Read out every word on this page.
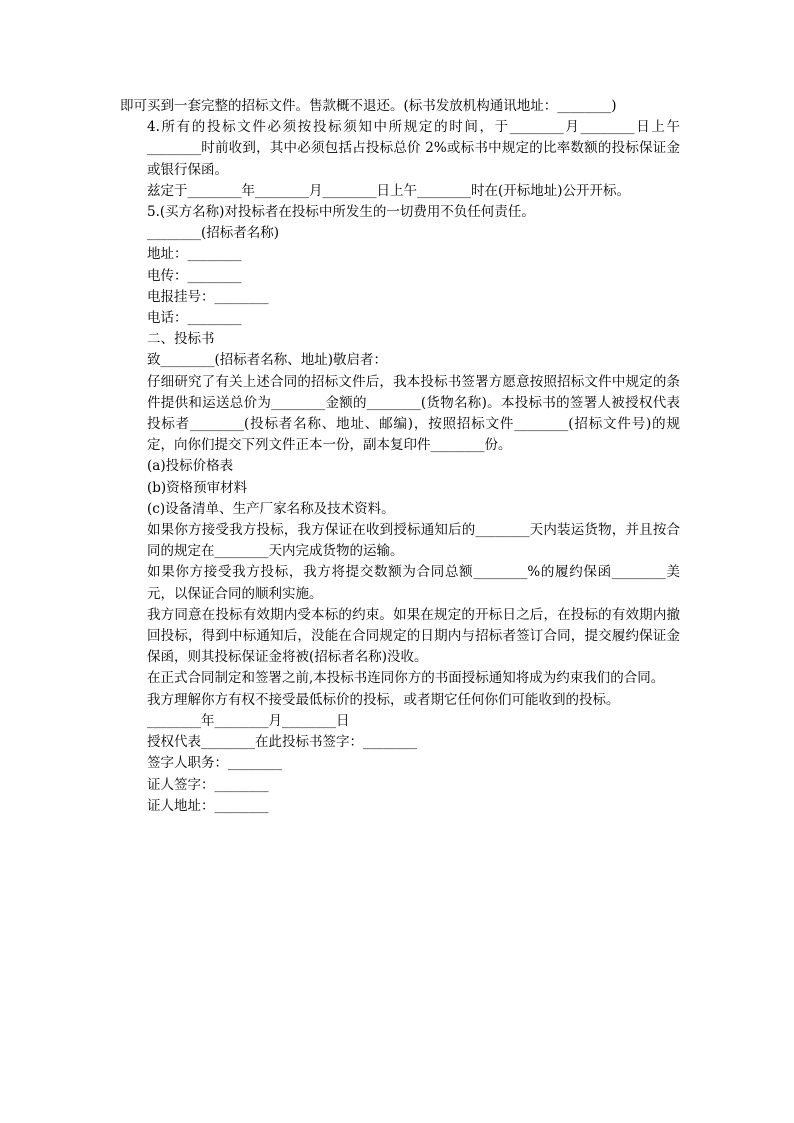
即可买到一套完整的招标文件。售款概不退还。(标书发放机构通讯地址：________)

4.所有的投标文件必须按投标须知中所规定的时间，于________月________日上午________时前收到，其中必须包括占投标总价 2%或标书中规定的比率数额的投标保证金或银行保函。

兹定于________年________月________日上午________时在(开标地址)公开开标。

5.(买方名称)对投标者在投标中所发生的一切费用不负任何责任。

________(招标者名称)

地址：________

电传：________

电报挂号：________

电话：________

二、投标书

致________(招标者名称、地址)敬启者：

仔细研究了有关上述合同的招标文件后，我本投标书签署方愿意按照招标文件中规定的条件提供和运送总价为________金额的________(货物名称)。本投标书的签署人被授权代表投标者________(投标者名称、地址、邮编)，按照招标文件________(招标文件号)的规定，向你们提交下列文件正本一份，副本复印件________份。

(a)投标价格表

(b)资格预审材料

(c)设备清单、生产厂家名称及技术资料。

如果你方接受我方投标，我方保证在收到授标通知后的________天内装运货物，并且按合同的规定在________天内完成货物的运输。

如果你方接受我方投标，我方将提交数额为合同总额________%的履约保函________美元，以保证合同的顺利实施。

我方同意在投标有效期内受本标的约束。如果在规定的开标日之后，在投标的有效期内撤回投标，得到中标通知后，没能在合同规定的日期内与招标者签订合同，提交履约保证金保函，则其投标保证金将被(招标者名称)没收。

在正式合同制定和签署之前,本投标书连同你方的书面授标通知将成为约束我们的合同。

我方理解你方有权不接受最低标价的投标，或者期它任何你们可能收到的投标。

________年________月________日

授权代表________在此投标书签字：________

签字人职务：________

证人签字：________

证人地址：________
